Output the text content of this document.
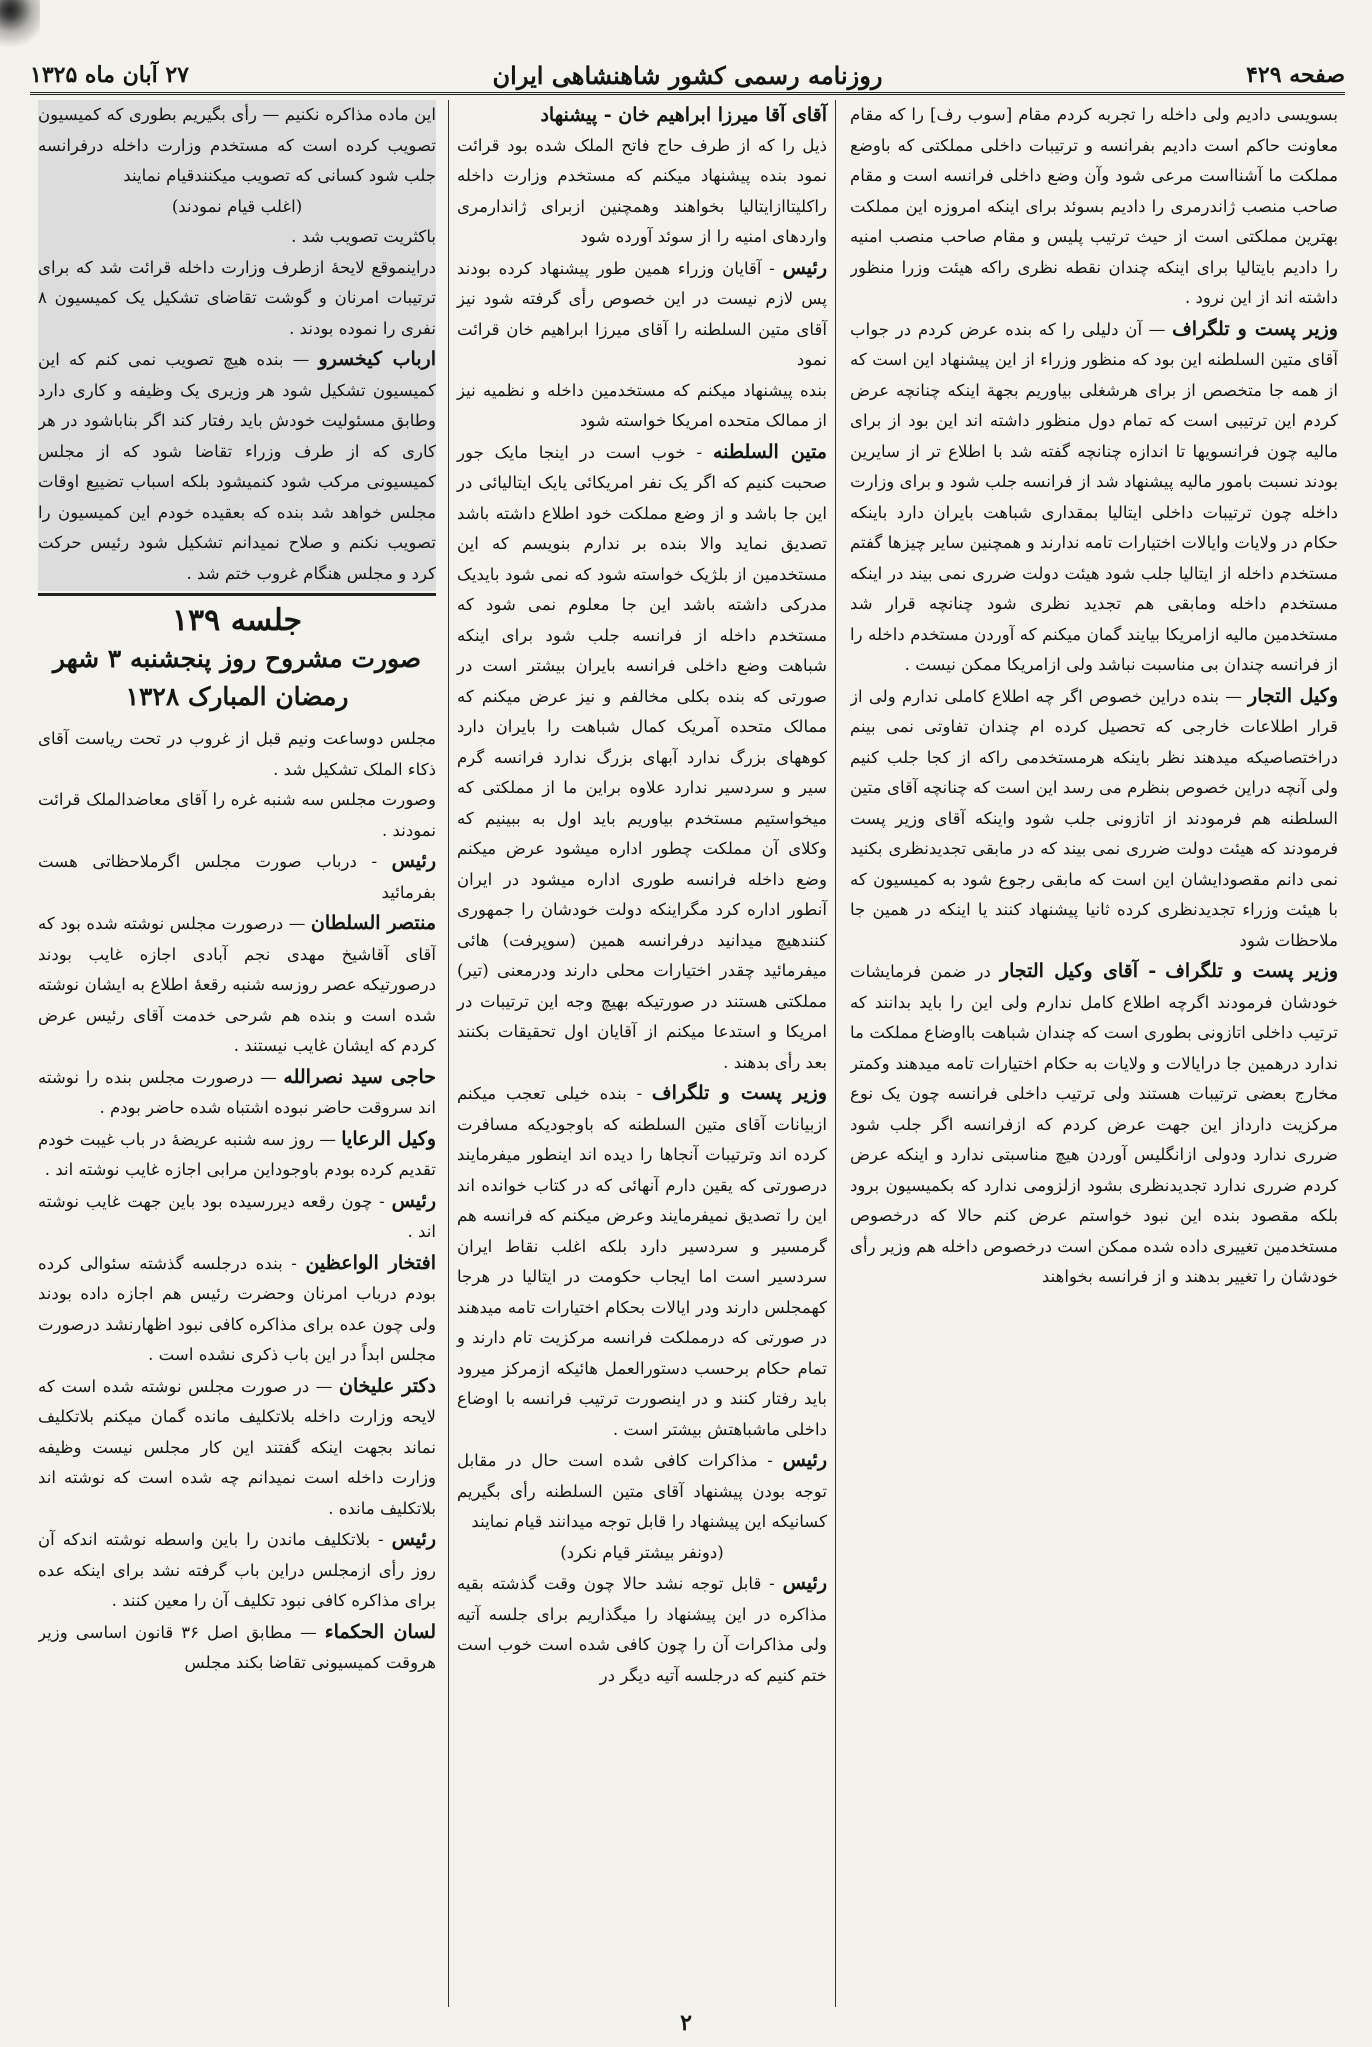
صفحه ۴۲۹
روزنامه رسمی کشور شاهنشاهی ایران
۲۷ آبان ماه ۱۳۲۵

بسویسی دادیم ولی داخله را تجربه کردم مقام [سوب رف] را که مقام معاونت حاکم است دادیم بفرانسه و ترتیبات داخلی مملکتی که باوضع مملکت ما آشنااست مرعی شود وآن وضع داخلی فرانسه است و مقام صاحب منصب ژاندرمری را دادیم بسوئد برای اینکه امروزه این مملکت بهترین مملکتی است از حیث ترتیب پلیس و مقام صاحب منصب امنیه را دادیم بایتالیا برای اینکه چندان نقطه نظری راکه هیئت وزرا منظور داشته اند از این نرود .

وزیر پست و تلگراف — آن دلیلی را که بنده عرض کردم در جواب آقای متین السلطنه این بود که منظور وزراء از این پیشنهاد این است که از همه جا متخصص از برای هرشغلی بیاوریم بجهة اینکه چنانچه عرض کردم این ترتیبی است که تمام دول منظور داشته اند این بود از برای مالیه چون فرانسویها تا اندازه چنانچه گفته شد با اطلاع تر از سایرین بودند نسبت بامور مالیه پیشنهاد شد از فرانسه جلب شود و برای وزارت داخله چون ترتیبات داخلی ایتالیا بمقداری شباهت بایران دارد باینکه حکام در ولایات وایالات اختیارات تامه ندارند و همچنین سایر چیزها گفتم مستخدم داخله از ایتالیا جلب شود هیئت دولت ضرری نمی بیند در اینکه مستخدم داخله ومابقی هم تجدید نظری شود چنانچه قرار شد مستخدمین مالیه ازامریکا بیایند گمان میکنم که آوردن مستخدم داخله را از فرانسه چندان بی مناسبت نباشد ولی ازامریکا ممکن نیست .

وکیل التجار — بنده دراین خصوص اگر چه اطلاع کاملی ندارم ولی از قرار اطلاعات خارجی که تحصیل کرده ام چندان تفاوتی نمی بینم دراختصاصیکه میدهند نظر باینکه هرمستخدمی راکه از کجا جلب کنیم ولی آنچه دراین خصوص بنظرم می رسد این است که چنانچه آقای متین السلطنه هم فرمودند از اتازونی جلب شود واینکه آقای وزیر پست فرمودند که هیئت دولت ضرری نمی بیند که در مابقی تجدیدنظری بکنید نمی دانم مقصودایشان این است که مابقی رجوع شود به کمیسیون که با هیئت وزراء تجدیدنظری کرده ثانیا پیشنهاد کنند یا اینکه در همین جا ملاحظات شود

وزیر پست و تلگراف - آقای وکیل التجار در ضمن فرمایشات خودشان فرمودند اگرچه اطلاع کامل ندارم ولی این را باید بدانند که ترتیب داخلی اتازونی بطوری است که چندان شباهت بااوضاع مملکت ما ندارد درهمین جا درایالات و ولایات به حکام اختیارات تامه میدهند وکمتر مخارج بعضی ترتیبات هستند ولی ترتیب داخلی فرانسه چون یک نوع مرکزیت دارداز این جهت عرض کردم که ازفرانسه اگر جلب شود ضرری ندارد ودولی ازانگلیس آوردن هیچ مناسبتی ندارد و اینکه عرض کردم ضرری ندارد تجدیدنظری بشود ازلزومی ندارد که بکمیسیون برود بلکه مقصود بنده این نبود خواستم عرض کنم حالا که درخصوص مستخدمین تغییری داده شده ممکن است درخصوص داخله هم وزیر رأی خودشان را تغییر بدهند و از فرانسه بخواهند

آقای آقا میرزا ابراهیم خان - پیشنهاد

ذیل را که از طرف حاج فاتح الملک شده بود قرائت نمود بنده پیشنهاد میکنم که مستخدم وزارت داخله راکلیتاازایتالیا بخواهند وهمچنین ازبرای ژاندارمری واردهای امنیه را از سوئد آورده شود

رئیس - آقایان وزراء همین طور پیشنهاد کرده بودند پس لازم نیست در این خصوص رأی گرفته شود نیز آقای متین السلطنه را آقای میرزا ابراهیم خان قرائت نمود

بنده پیشنهاد میکنم که مستخدمین داخله و نظمیه نیز از ممالک متحده امریکا خواسته شود

متین السلطنه - خوب است در اینجا مایک جور صحبت کنیم که اگر یک نفر امریکائی یایک ایتالیائی در این جا باشد و از وضع مملکت خود اطلاع داشته باشد تصدیق نماید والا بنده بر ندارم بنویسم که این مستخدمین از بلژیک خواسته شود که نمی شود بایدیک مدرکی داشته باشد این جا معلوم نمی شود که مستخدم داخله از فرانسه جلب شود برای اینکه شباهت وضع داخلی فرانسه بایران بیشتر است در صورتی که بنده بکلی مخالفم و نیز عرض میکنم که ممالک متحده آمریک کمال شباهت را بایران دارد کوههای بزرگ ندارد آبهای بزرگ ندارد فرانسه گرم سیر و سردسیر ندارد علاوه براین ما از مملکتی که میخواستیم مستخدم بیاوریم باید اول به ببینیم که وکلای آن مملکت چطور اداره میشود عرض میکنم وضع داخله فرانسه طوری اداره میشود در ایران آنطور اداره کرد مگراینکه دولت خودشان را جمهوری کنندهیچ میدانید درفرانسه همین (سوپرفت) هائی میفرمائید چقدر اختیارات محلی دارند ودرمعنی (تیر) مملکتی هستند در صورتیکه بهیچ وجه این ترتیبات در امریکا و استدعا میکنم از آقایان اول تحقیقات بکنند بعد رأی بدهند .

وزیر پست و تلگراف - بنده خیلی تعجب میکنم ازبیانات آقای متین السلطنه که باوجودیکه مسافرت کرده اند وترتیبات آنجاها را دیده اند اینطور میفرمایند درصورتی که یقین دارم آنهائی که در کتاب خوانده اند این را تصدیق نمیفرمایند وعرض میکنم که فرانسه هم گرمسیر و سردسیر دارد بلکه اغلب نقاط ایران سردسیر است اما ایجاب حکومت در ایتالیا در هرجا کهمجلس دارند ودر ایالات بحکام اختیارات تامه میدهند در صورتی که درمملکت فرانسه مرکزیت تام دارند و تمام حکام برحسب دستورالعمل هائیکه ازمرکز میرود باید رفتار کنند و در اینصورت ترتیب فرانسه با اوضاع داخلی ماشباهتش بیشتر است .

رئیس - مذاکرات کافی شده است حال در مقابل توجه بودن پیشنهاد آقای متین السلطنه رأی بگیریم کسانیکه این پیشنهاد را قابل توجه میدانند قیام نمایند

(دونفر بیشتر قیام نکرد)

رئیس - قابل توجه نشد حالا چون وقت گذشته بقیه مذاکره در این پیشنهاد را میگذاریم برای جلسه آتیه ولی مذاکرات آن را چون کافی شده است خوب است ختم کنیم که درجلسه آتیه دیگر در

این ماده مذاکره نکنیم — رأی بگیریم بطوری که کمیسیون تصویب کرده است که مستخدم وزارت داخله درفرانسه جلب شود کسانی که تصویب میکنندقیام نمایند

(اغلب قیام نمودند)

باکثریت تصویب شد .

دراینموقع لایحهٔ ازطرف وزارت داخله قرائت شد که برای ترتیبات امرنان و گوشت تقاضای تشکیل یک کمیسیون ۸ نفری را نموده بودند .

ارباب کیخسرو — بنده هیچ تصویب نمی کنم که این کمیسیون تشکیل شود هر وزیری یک وظیفه و کاری دارد وطابق مسئولیت خودش باید رفتار کند اگر بناباشود در هر کاری که از طرف وزراء تقاضا شود که از مجلس کمیسیونی مرکب شود کنمیشود بلکه اسباب تضییع اوقات مجلس خواهد شد بنده که بعقیده خودم این کمیسیون را تصویب نکنم و صلاح نمیدانم تشکیل شود رئیس حرکت کرد و مجلس هنگام غروب ختم شد .

جلسه ۱۳۹
صورت مشروح روز پنجشنبه ۳ شهر رمضان المبارک ۱۳۲۸

مجلس دوساعت ونیم قبل از غروب در تحت ریاست آقای ذکاء الملک تشکیل شد .

وصورت مجلس سه شنبه غره را آقای معاضدالملک قرائت نمودند .

رئیس - درباب صورت مجلس اگرملاحظاتی هست بفرمائید

منتصر السلطان — درصورت مجلس نوشته شده بود که آقای آقاشیخ مهدی نجم آبادی اجازه غایب بودند درصورتیکه عصر روزسه شنبه رقعهٔ اطلاع به ایشان نوشته شده است و بنده هم شرحی خدمت آقای رئیس عرض کردم که ایشان غایب نیستند .

حاجی سید نصرالله — درصورت مجلس بنده را نوشته اند سروقت حاضر نبوده اشتباه شده حاضر بودم .

وکیل الرعایا — روز سه شنبه عریضهٔ در باب غیبت خودم تقدیم کرده بودم باوجوداین مرابی اجازه غایب نوشته اند .

رئیس - چون رقعه دیررسیده بود باین جهت غایب نوشته اند .

افتخار الواعظین - بنده درجلسه گذشته سئوالی کرده بودم درباب امرنان وحضرت رئیس هم اجازه داده بودند ولی چون عده برای مذاکره کافی نبود اظهارنشد درصورت مجلس ابداً در این باب ذکری نشده است .

دکتر علیخان — در صورت مجلس نوشته شده است که لایحه وزارت داخله بلاتکلیف مانده گمان میکنم بلاتکلیف نماند بجهت اینکه گفتند این کار مجلس نیست وظیفه وزارت داخله است نمیدانم چه شده است که نوشته اند بلاتکلیف مانده .

رئیس - بلاتکلیف ماندن را باین واسطه نوشته اندکه آن روز رأی ازمجلس دراین باب گرفته نشد برای اینکه عده برای مذاکره کافی نبود تکلیف آن را معین کنند .

لسان الحکماء — مطابق اصل ۳۶ قانون اساسی وزیر هروقت کمیسیونی تقاضا بکند مجلس

۲
